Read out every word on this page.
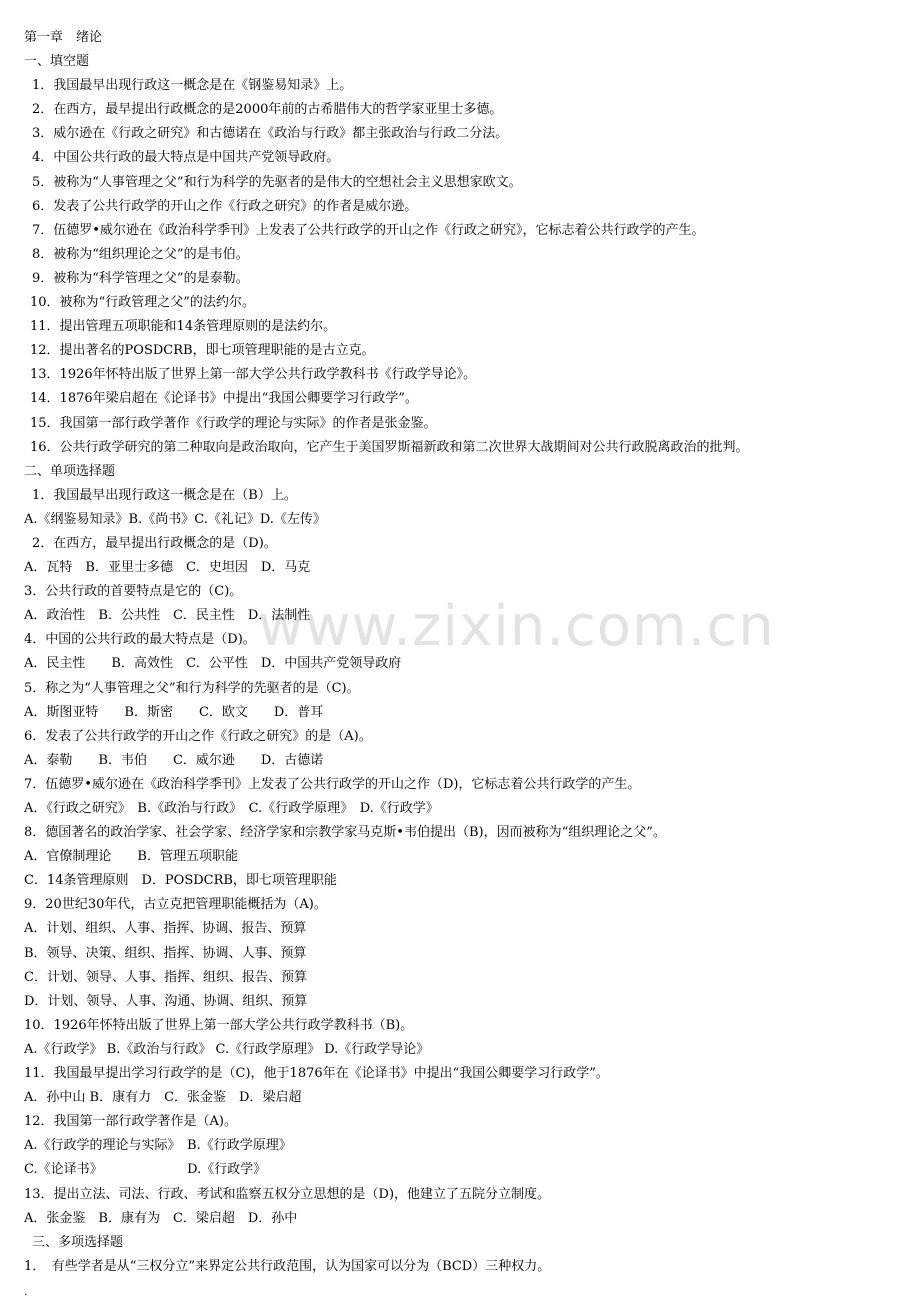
www.zixin.com.cn
第一章　绪论
一、填空题
1．我国最早出现行政这一概念是在《钢鉴易知录》上。
2．在西方，最早提出行政概念的是2000年前的古希腊伟大的哲学家亚里士多德。
3．威尔逊在《行政之研究》和古德诺在《政治与行政》都主张政治与行政二分法。
4．中国公共行政的最大特点是中国共产党领导政府。
5．被称为“人事管理之父”和行为科学的先驱者的是伟大的空想社会主义思想家欧文。
6．发表了公共行政学的开山之作《行政之研究》的作者是威尔逊。
7．伍德罗•威尔逊在《政治科学季刊》上发表了公共行政学的开山之作《行政之研究》，它标志着公共行政学的产生。
8．被称为“组织理论之父”的是韦伯。
9．被称为“科学管理之父”的是泰勒。
10．被称为“行政管理之父”的法约尔。
11．提出管理五项职能和14条管理原则的是法约尔。
12．提出著名的POSDCRB，即七项管理职能的是古立克。
13．1926年怀特出版了世界上第一部大学公共行政学教科书《行政学导论》。
14．1876年梁启超在《论译书》中提出“我国公卿要学习行政学”。
15．我国第一部行政学著作《行政学的理论与实际》的作者是张金鉴。
16．公共行政学研究的第二种取向是政治取向，它产生于美国罗斯福新政和第二次世界大战期间对公共行政脱离政治的批判。
二、单项选择题
1．我国最早出现行政这一概念是在（B）上。
A.《纲鉴易知录》B.《尚书》C.《礼记》D.《左传》
2．在西方，最早提出行政概念的是（D)。
A．瓦特　B．亚里士多德　C．史坦因　D．马克
3．公共行政的首要特点是它的（C)。
A．政治性　B．公共性　C．民主性　D．法制性
4．中国的公共行政的最大特点是（D)。
A．民主性　　B．高效性　C．公平性　D．中国共产党领导政府
5．称之为“人事管理之父”和行为科学的先驱者的是（C)。
A．斯图亚特　　B．斯密　　C．欧文　　D．普耳
6．发表了公共行政学的开山之作《行政之研究》的是（A)。
A．泰勒　　B．韦伯　　C．威尔逊　　D．古德诺
7．伍德罗•威尔逊在《政治科学季刊》上发表了公共行政学的开山之作（D)，它标志着公共行政学的产生。
A．《行政之研究》　B.《政治与行政》　C.《行政学原理》　D.《行政学》
8．德国著名的政治学家、社会学家、经济学家和宗教学家马克斯•韦伯提出（B)，因而被称为“组织理论之父”。
A．官僚制理论　　B．管理五项职能
C．14条管理原则　D．POSDCRB，即七项管理职能
9．20世纪30年代，古立克把管理职能概括为（A)。
A．计划、组织、人事、指挥、协调、报告、预算
B．领导、决策、组织、指挥、协调、人事、预算
C．计划、领导、人事、指挥、组织、报告、预算
D．计划、领导、人事、沟通、协调、组织、预算
10．1926年怀特出版了世界上第一部大学公共行政学教科书（B)。
A.《行政学》 B.《政治与行政》 C.《行政学原理》 D.《行政学导论》
11．我国最早提出学习行政学的是（C)，他于1876年在《论译书》中提出“我国公卿要学习行政学”。
A．孙中山 B．康有力　C．张金鉴　D．梁启超
12．我国第一部行政学著作是（A)。
A.《行政学的理论与实际》　B.《行政学原理》
C.《论译书》　　　　　　　D.《行政学》
13．提出立法、司法、行政、考试和监察五权分立思想的是（D)，他建立了五院分立制度。
A．张金鉴　B．康有为　C．梁启超　D．孙中
三、多项选择题
1．　有些学者是从“三权分立”来界定公共行政范围，认为国家可以分为（BCD）三种权力。
.
